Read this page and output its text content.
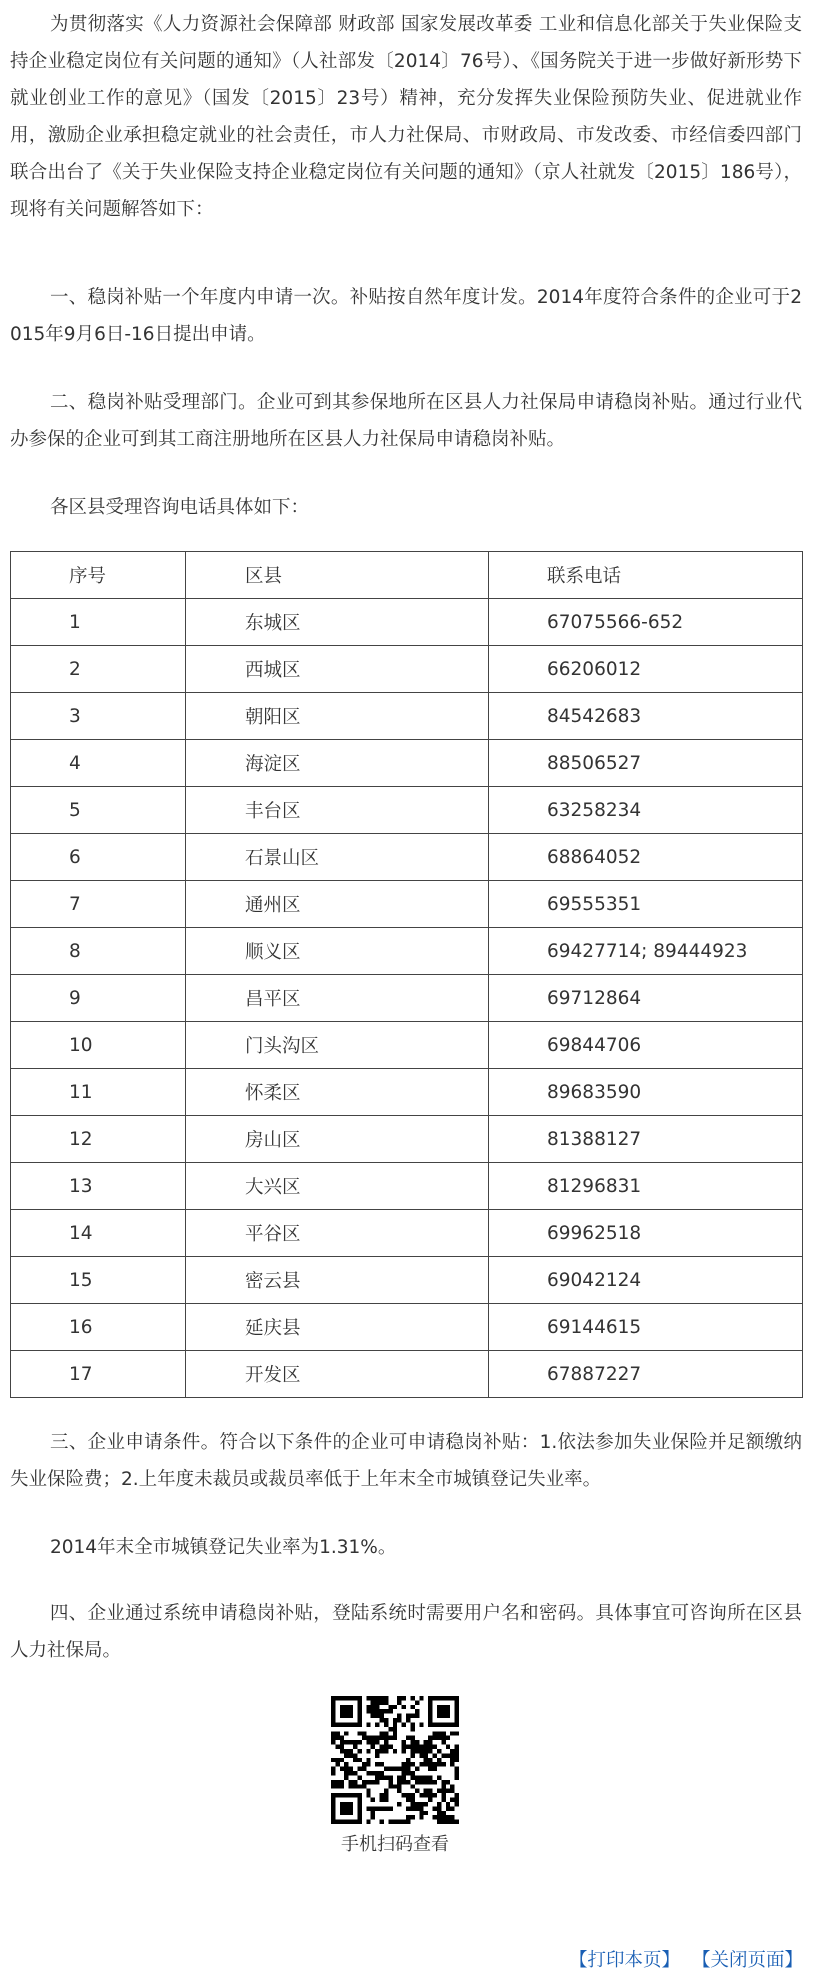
为贯彻落实《人力资源社会保障部 财政部 国家发展改革委 工业和信息化部关于失业保险支持企业稳定岗位有关问题的通知》（人社部发〔2014〕76号）、《国务院关于进一步做好新形势下就业创业工作的意见》（国发〔2015〕23号）精神，充分发挥失业保险预防失业、促进就业作用，激励企业承担稳定就业的社会责任，市人力社保局、市财政局、市发改委、市经信委四部门联合出台了《关于失业保险支持企业稳定岗位有关问题的通知》（京人社就发〔2015〕186号），现将有关问题解答如下：

一、稳岗补贴一个年度内申请一次。补贴按自然年度计发。2014年度符合条件的企业可于2015年9月6日-16日提出申请。

二、稳岗补贴受理部门。企业可到其参保地所在区县人力社保局申请稳岗补贴。通过行业代办参保的企业可到其工商注册地所在区县人力社保局申请稳岗补贴。

各区县受理咨询电话具体如下：

序号	区县	联系电话
1	东城区	67075566-652
2	西城区	66206012
3	朝阳区	84542683
4	海淀区	88506527
5	丰台区	63258234
6	石景山区	68864052
7	通州区	69555351
8	顺义区	69427714; 89444923
9	昌平区	69712864
10	门头沟区	69844706
11	怀柔区	89683590
12	房山区	81388127
13	大兴区	81296831
14	平谷区	69962518
15	密云县	69042124
16	延庆县	69144615
17	开发区	67887227

三、企业申请条件。符合以下条件的企业可申请稳岗补贴：1.依法参加失业保险并足额缴纳失业保险费；2.上年度未裁员或裁员率低于上年末全市城镇登记失业率。

2014年末全市城镇登记失业率为1.31%。

四、企业通过系统申请稳岗补贴，登陆系统时需要用户名和密码。具体事宜可咨询所在区县人力社保局。

手机扫码查看
【打印本页】 【关闭页面】
